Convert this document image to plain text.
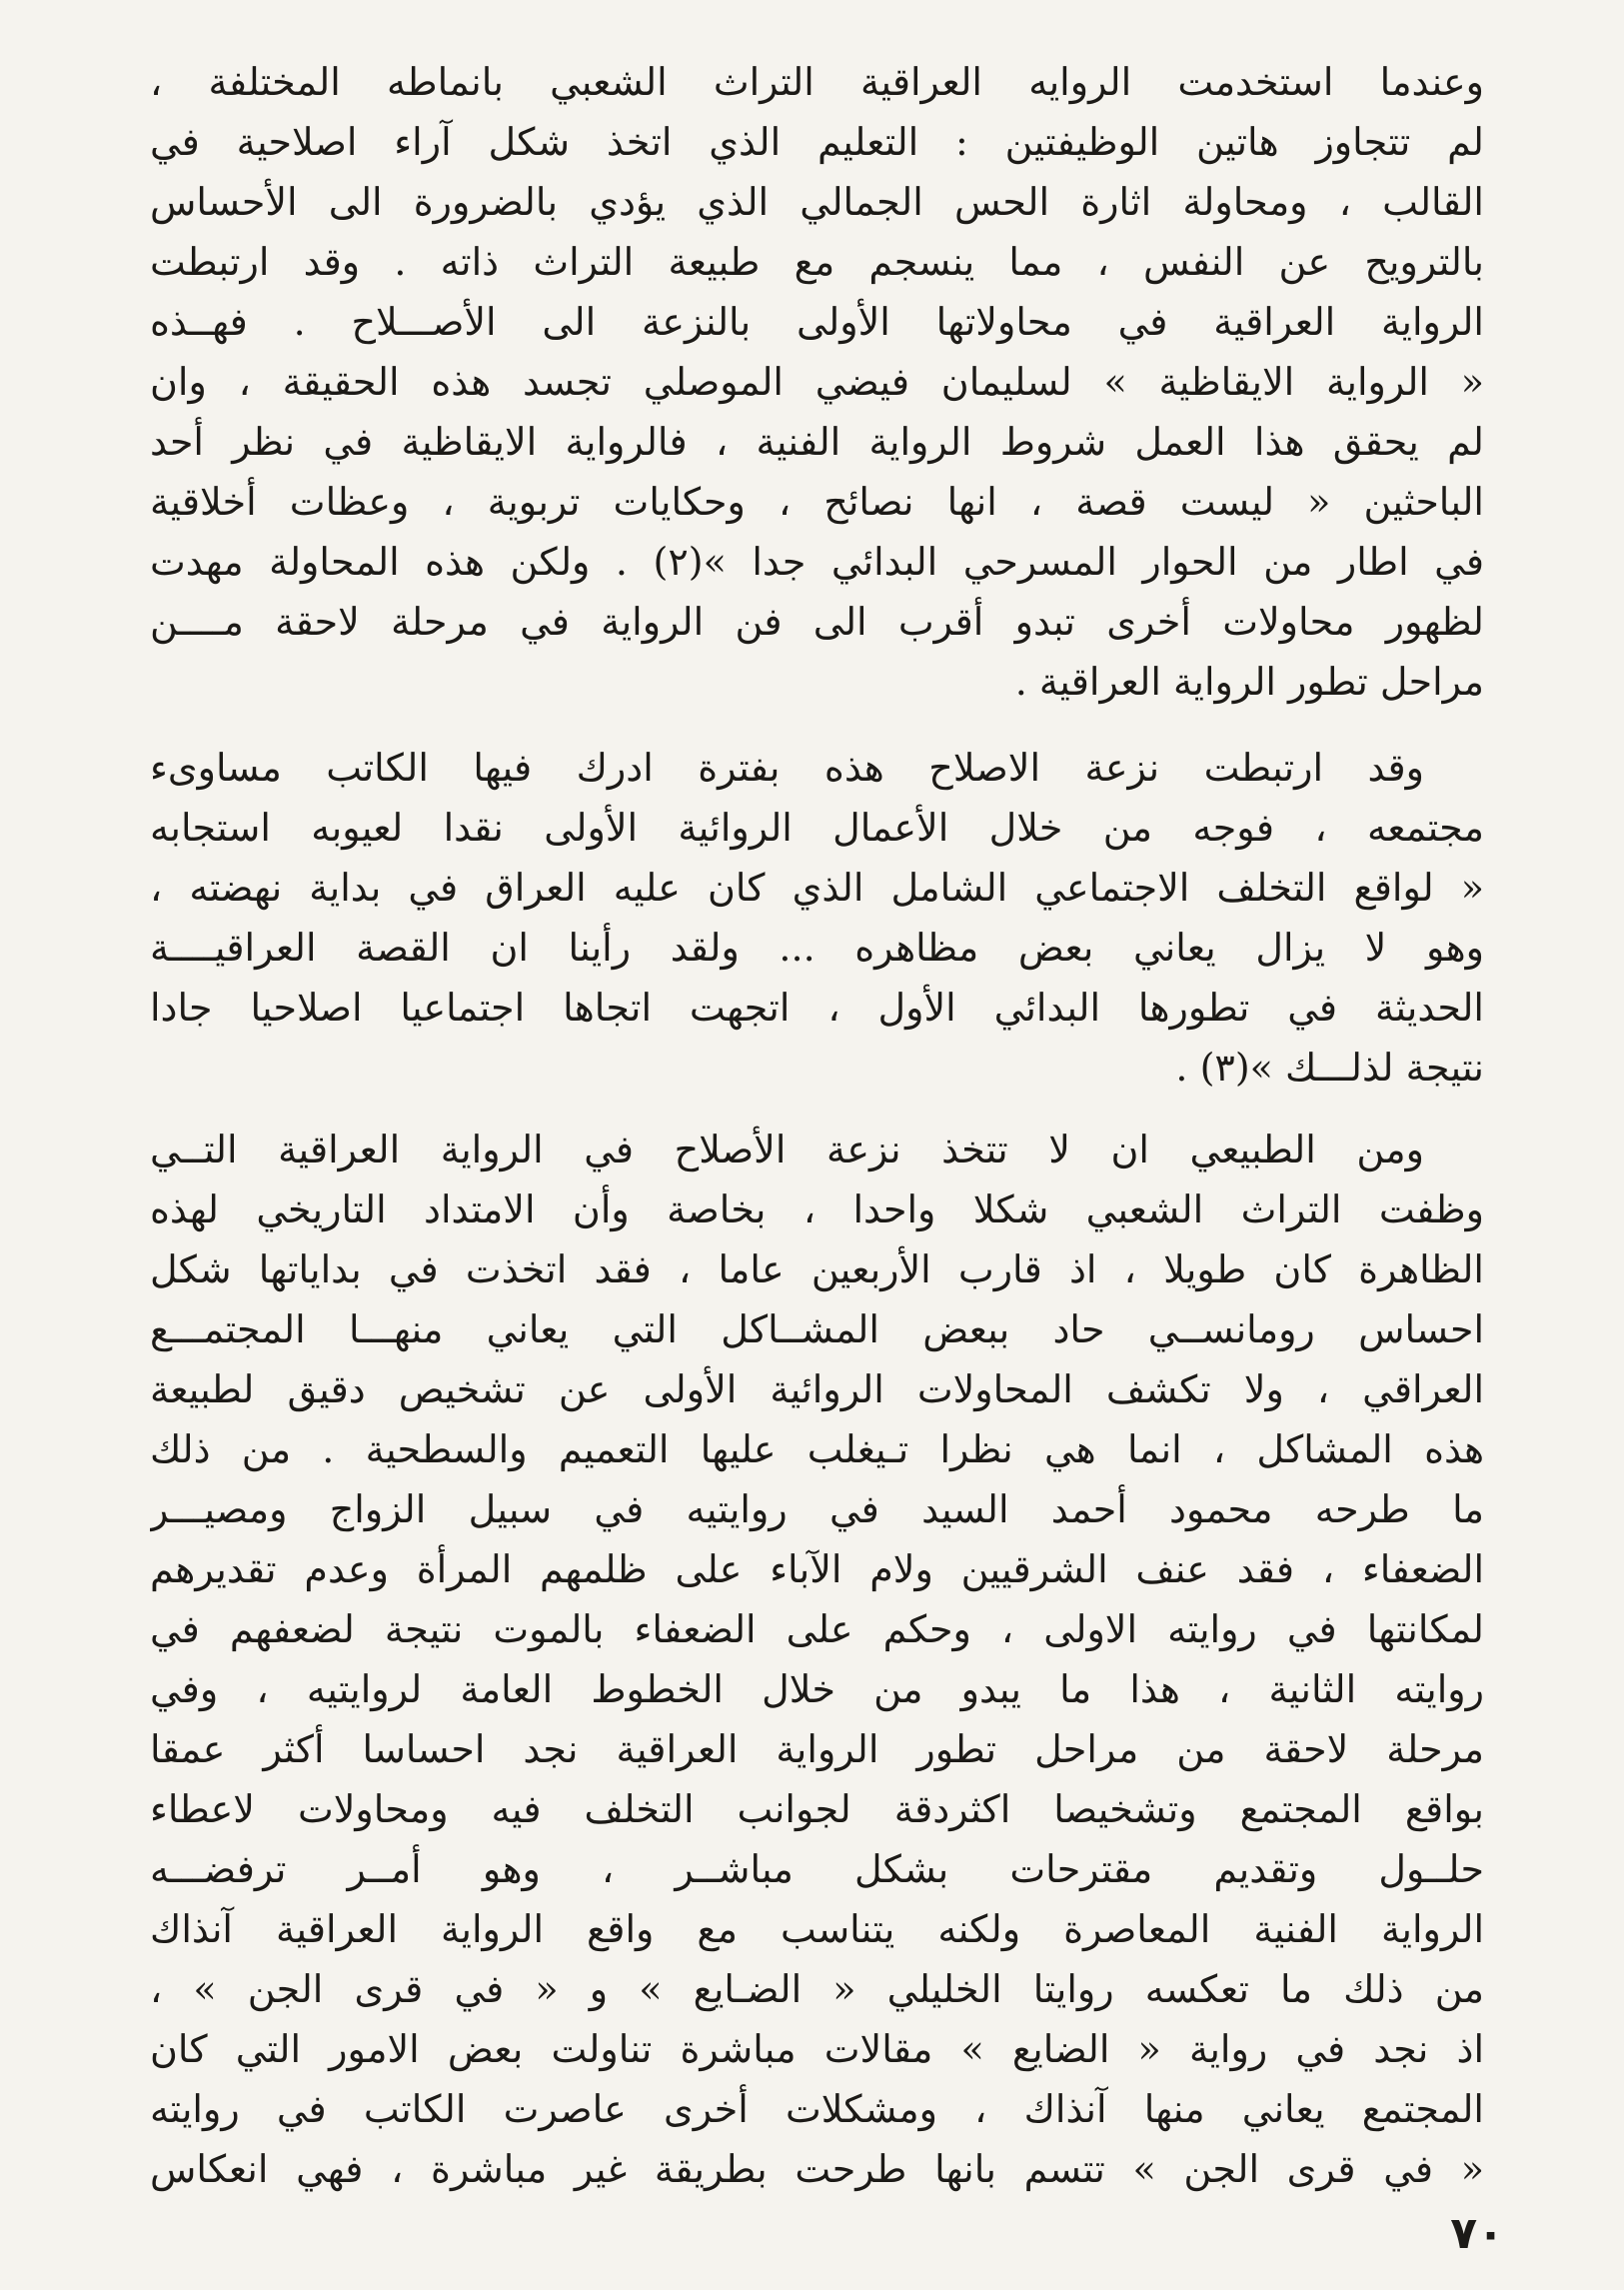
وعندما استخدمت الروايه العراقية التراث الشعبي بانماطه المختلفة ،
لم تتجاوز هاتين الوظيفتين : التعليم الذي اتخذ شكل آراء اصلاحية في
القالب ، ومحاولة اثارة الحس الجمالي الذي يؤدي بالضرورة الى الأحساس
بالترويح عن النفس ، مما ينسجم مع طبيعة التراث ذاته . وقد ارتبطت
الرواية العراقية في محاولاتها الأولى بالنزعة الى الأصـــلاح . فهــذه
« الرواية الايقاظية » لسليمان فيضي الموصلي تجسد هذه الحقيقة ، وان
لم يحقق هذا العمل شروط الرواية الفنية ، فالرواية الايقاظية في نظر أحد
الباحثين « ليست قصة ، انها نصائح ، وحكايات تربوية ، وعظات أخلاقية
في اطار من الحوار المسرحي البدائي جدا »(٢) . ولكن هذه المحاولة مهدت
لظهور محاولات أخرى تبدو أقرب الى فن الرواية في مرحلة لاحقة مــــن
مراحل تطور الرواية العراقية .
وقد ارتبطت نزعة الاصلاح هذه بفترة ادرك فيها الكاتب مساوىء
مجتمعه ، فوجه من خلال الأعمال الروائية الأولى نقدا لعيوبه استجابه
« لواقع التخلف الاجتماعي الشامل الذي كان عليه العراق في بداية نهضته ،
وهو لا يزال يعاني بعض مظاهره ... ولقد رأينا ان القصة العراقيــــة
الحديثة في تطورها البدائي الأول ، اتجهت اتجاها اجتماعيا اصلاحيا جادا
نتيجة لذلـــك »(٣) .
ومن الطبيعي ان لا تتخذ نزعة الأصلاح في الرواية العراقية التــي
وظفت التراث الشعبي شكلا واحدا ، بخاصة وأن الامتداد التاريخي لهذه
الظاهرة كان طويلا ، اذ قارب الأربعين عاما ، فقد اتخذت في بداياتها شكل
احساس رومانســي حاد ببعض المشــاكل التي يعاني منهـــا المجتمـــع
العراقي ، ولا تكشف المحاولات الروائية الأولى عن تشخيص دقيق لطبيعة
هذه المشاكل ، انما هي نظرا تـيغلب عليها التعميم والسطحية . من ذلك
ما طرحه محمود أحمد السيد في روايتيه في سبيل الزواج ومصيـــر
الضعفاء ، فقد عنف الشرقيين ولام الآباء على ظلمهم المرأة وعدم تقديرهم
لمكانتها في روايته الاولى ، وحكم على الضعفاء بالموت نتيجة لضعفهم في
روايته الثانية ، هذا ما يبدو من خلال الخطوط العامة لروايتيه ، وفي
مرحلة لاحقة من مراحل تطور الرواية العراقية نجد احساسا أكثر عمقا
بواقع المجتمع وتشخيصا اكثردقة لجوانب التخلف فيه ومحاولات لاعطاء
حلــول وتقديم مقترحات بشكل مباشــر ، وهو أمــر ترفضـــه
الرواية الفنية المعاصرة ولكنه يتناسب مع واقع الرواية العراقية آنذاك
من ذلك ما تعكسه روايتا الخليلي « الضـايع » و « في قرى الجن » ،
اذ نجد في رواية « الضايع » مقالات مباشرة تناولت بعض الامور التي كان
المجتمع يعاني منها آنذاك ، ومشكلات أخرى عاصرت الكاتب في روايته
« في قرى الجن » تتسم بانها طرحت بطريقة غير مباشرة ، فهي انعكاس
٧٠
